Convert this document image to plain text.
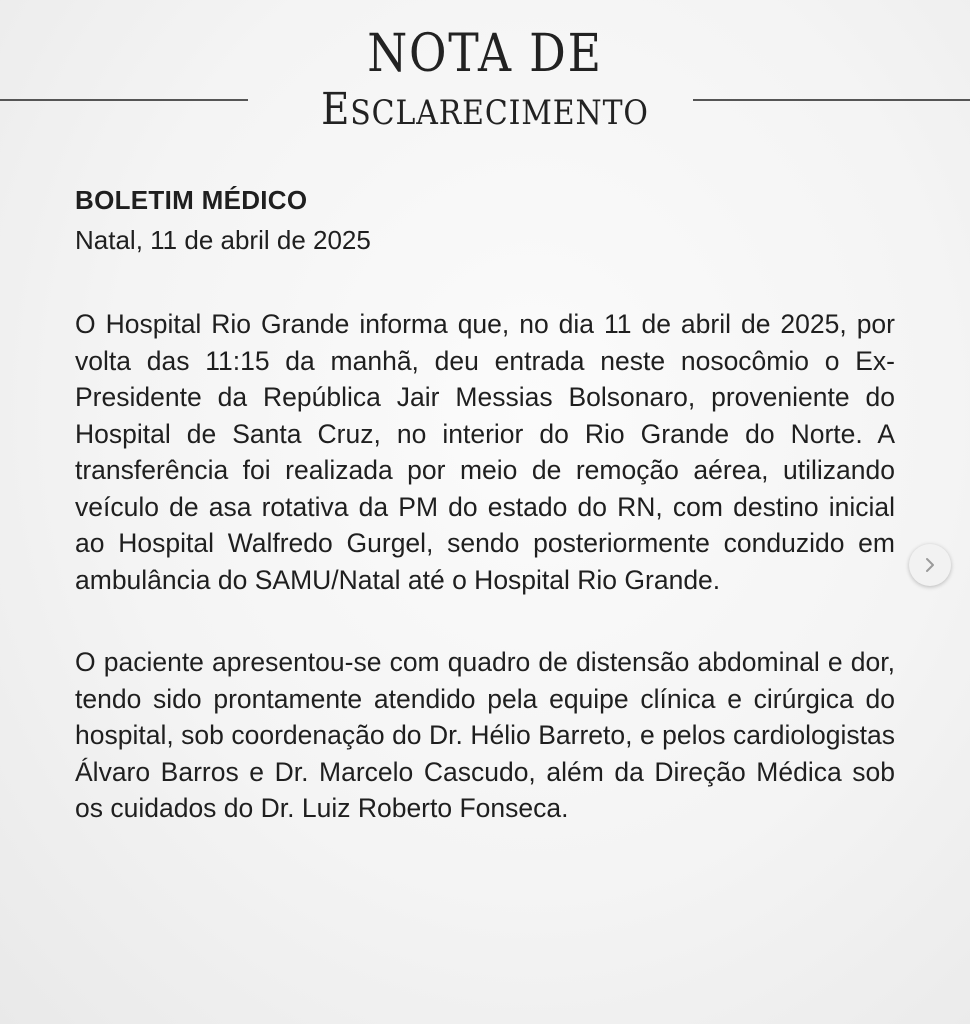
NOTA DE
ESCLARECIMENTO
BOLETIM MÉDICO
Natal, 11 de abril de 2025

O Hospital Rio Grande informa que, no dia 11 de abril de 2025, por volta das 11:15 da manhã, deu entrada neste nosocômio o Ex-Presidente da República Jair Messias Bolsonaro, proveniente do Hospital de Santa Cruz, no interior do Rio Grande do Norte. A transferência foi realizada por meio de remoção aérea, utilizando veículo de asa rotativa da PM do estado do RN, com destino inicial ao Hospital Walfredo Gurgel, sendo posteriormente conduzido em ambulância do SAMU/Natal até o Hospital Rio Grande.

O paciente apresentou-se com quadro de distensão abdominal e dor, tendo sido prontamente atendido pela equipe clínica e cirúrgica do hospital, sob coordenação do Dr. Hélio Barreto, e pelos cardiologistas Álvaro Barros e Dr. Marcelo Cascudo, além da Direção Médica sob os cuidados do Dr. Luiz Roberto Fonseca.
